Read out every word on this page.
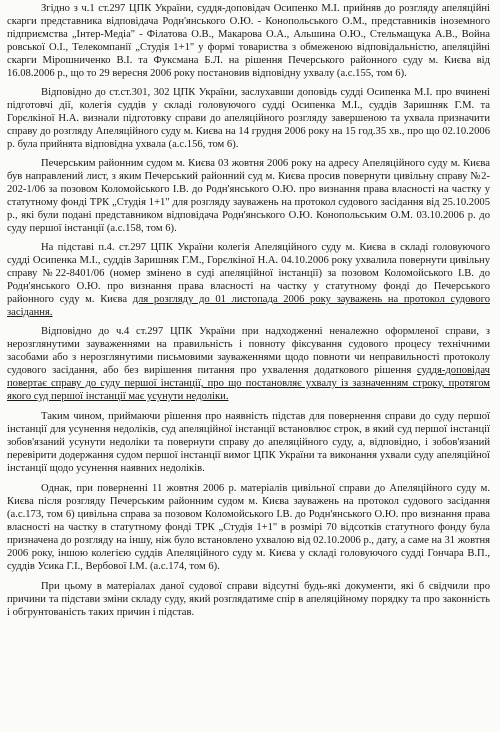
Згідно з ч.1 ст.297 ЦПК України, суддя-доповідач Осипенко М.І. прийняв до розгляду апеляційні скарги представника відповідача Родн'янського О.Ю. - Конопольського О.М., представників іноземного підприємства „Інтер-Медіа" - Філатова О.В., Макарова О.А., Альшина О.Ю., Стельмащука А.В., Война ровської О.І., Телекомпанії „Студія 1+1" у формі товариства з обмеженою відповідальністю, апеляційні скарги Мірошниченко В.І. та Фуксмана Б.Л. на рішення Печерського районного суду м. Києва від 16.08.2006 р., що то 29 вересня 2006 року постановив відповідну ухвалу (а.с.155, том 6).

Відповідно до ст.ст.301, 302 ЦПК України, заслухавши доповідь судді Осипенка М.І. про вчинені підготовчі дії, колегія суддів у складі головуючого судді Осипенка М.І., суддів Заришняк Г.М. та Горєлкіної Н.А. визнали підготовку справи до апеляційного розгляду завершеною та ухвала призначити справу до розгляду Апеляційного суду м. Києва на 14 грудня 2006 року на 15 год.35 хв., про що 02.10.2006 р. була прийнята відповідна ухвала (а.с.156, том 6).

Печерським районним судом м. Києва 03 жовтня 2006 року на адресу Апеляційного суду м. Києва був направлений лист, з яким Печерський районний суд м. Києва просив повернути цивільну справу №2-202-1/06 за позовом Коломойського І.В. до Родн'янського О.Ю. про визнання права власності на частку у статутному фонді ТРК „Студія 1+1" для розгляду зауважень на протокол судового засідання від 25.10.2005 р., які були подані представником відповідача Родн'янського О.Ю. Конопольським О.М. 03.10.2006 р. до суду першої інстанції (а.с.158, том 6).

На підставі п.4. ст.297 ЦПК України колегія Апеляційного суду м. Києва в складі головуючого судді Осипенка М.І., суддів Заришняк Г.М., Горєлкіної Н.А. 04.10.2006 року ухвалила повернути цивільну справу №22-8401/06 (номер змінено в суді апеляційної інстанції) за позовом Коломойського І.В. до Родн'янського О.Ю. про визнання права власності на частку у статутному фонді до Печерського районного суду м. Києва для розгляду до 01 листопада 2006 року зауважень на протокол судового засідання.

Відповідно до ч.4 ст.297 ЦПК України при надходженні неналежно оформленої справи, з нерозглянутими зауваженнями на правильність і повноту фіксування судового процесу технічними засобами або з нерозглянутими письмовими зауваженнями щодо повноти чи неправильності протоколу судового засідання, або без вирішення питання про ухвалення додаткового рішення суддя-доповідач повертає справу до суду першої інстанції, про що постановляє ухвалу із зазначенням строку, протягом якого суд першої інстанції має усунути недоліки.

Таким чином, приймаючи рішення про наявність підстав для повернення справи до суду першої інстанції для усунення недоліків, суд апеляційної інстанції встановлює строк, в який суд першої інстанції зобов'язаний усунути недоліки та повернути справу до апеляційного суду, а, відповідно, і зобов'язаний перевірити додержання судом першої інстанції вимог ЦПК України та виконання ухвали суду апеляційної інстанції щодо усунення наявних недоліків.

Однак, при поверненні 11 жовтня 2006 р. матеріалів цивільної справи до Апеляційного суду м. Києва після розгляду Печерським районним судом м. Києва зауважень на протокол судового засідання (а.с.173, том 6) цивільна справа за позовом Коломойського І.В. до Родн'янського О.Ю. про визнання права власності на частку в статутному фонді ТРК „Студія 1+1" в розмірі 70 відсотків статутного фонду була призначена до розгляду на іншу, ніж було встановлено ухвалою від 02.10.2006 р., дату, а саме на 31 жовтня 2006 року, іншою колегією суддів Апеляційного суду м. Києва у складі головуючого судді Гончара В.П., суддів Усика Г.І., Вербової І.М. (а.с.174, том 6).

При цьому в матеріалах даної судової справи відсутні будь-які документи, які б свідчили про причини та підстави зміни складу суду, який розглядатиме спір в апеляційному порядку та про законність і обгрунтованість таких причин і підстав.
